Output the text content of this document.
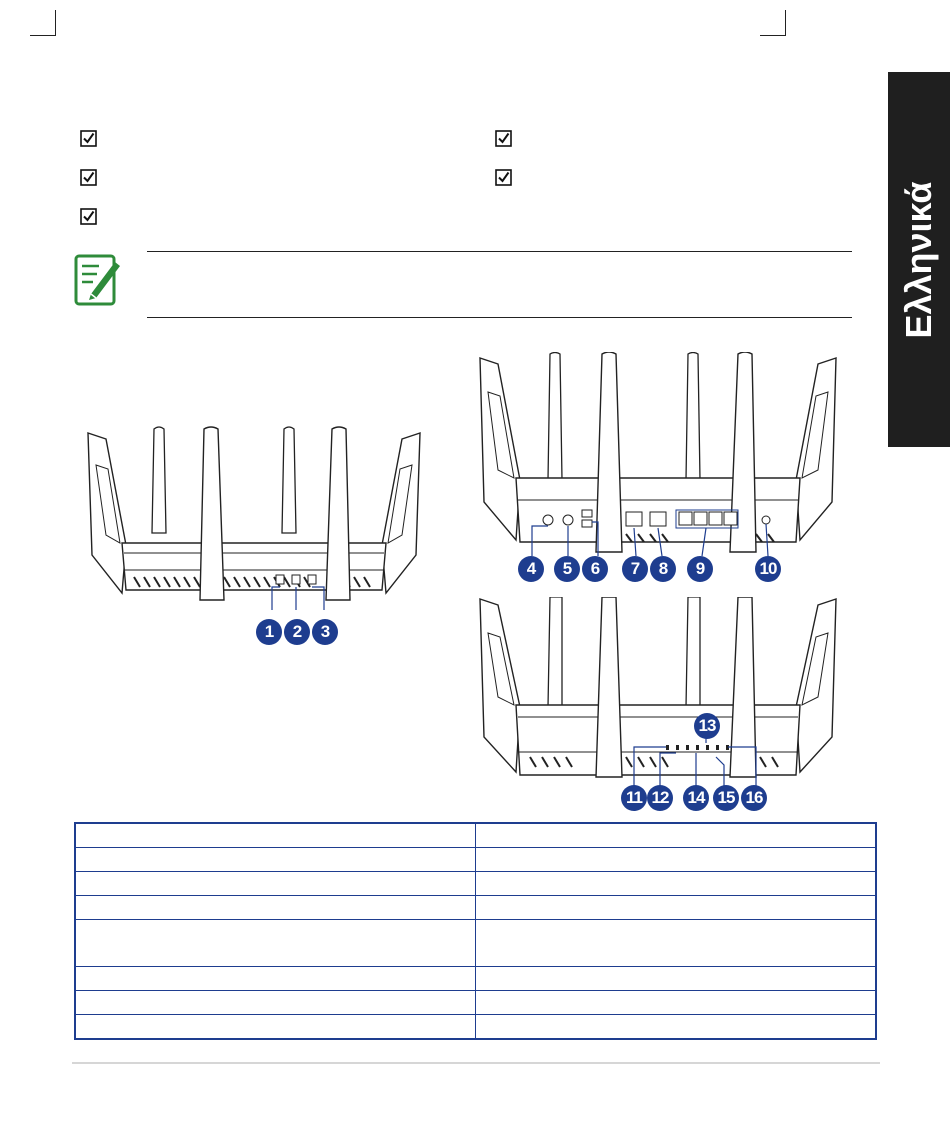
Ελληνικά
1	2	3
4	5	6	7	8	9	10
13
11 12 14 15 16
